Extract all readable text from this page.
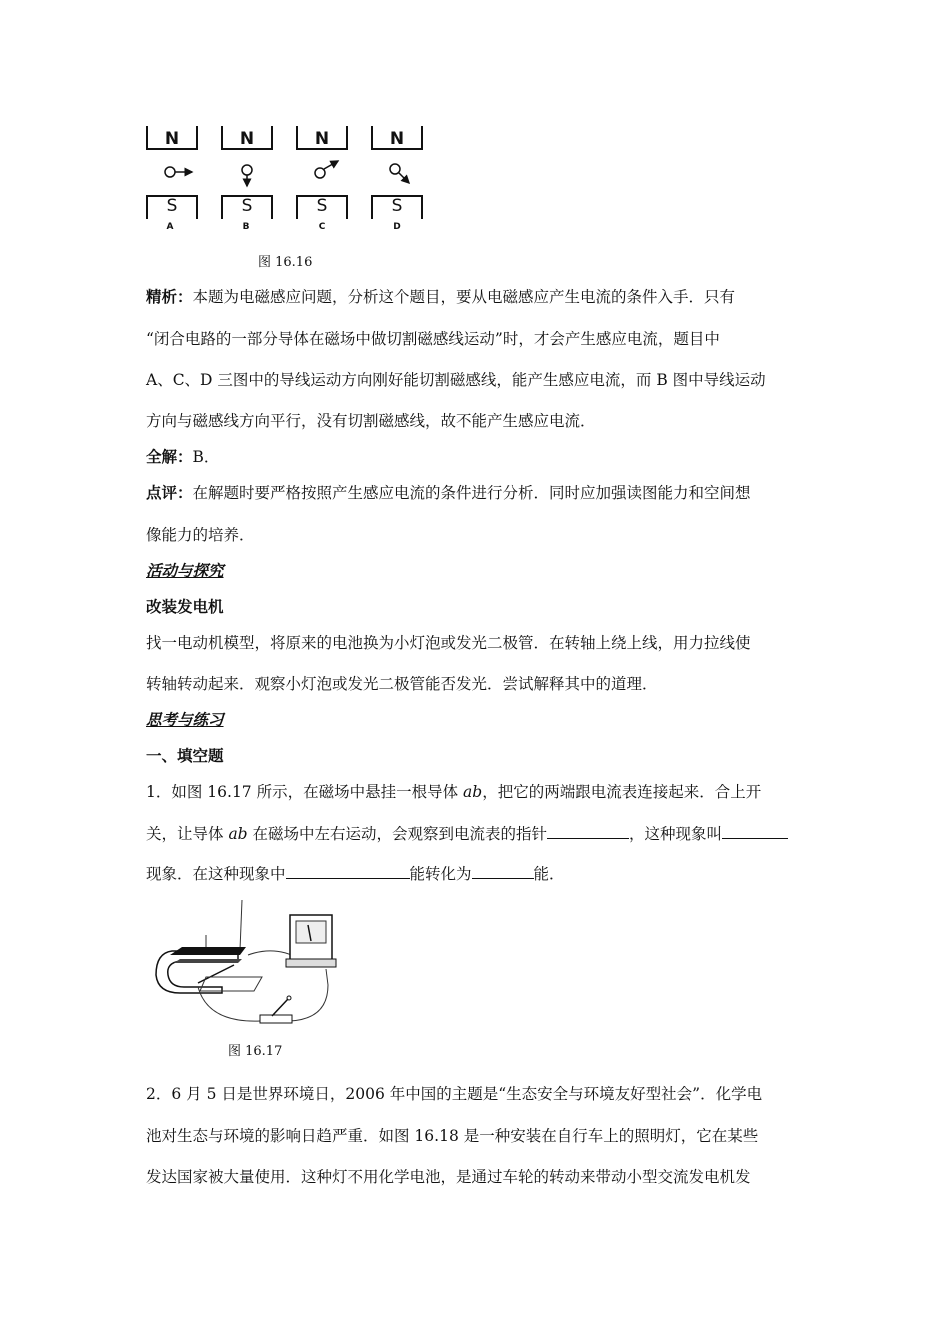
N
S
A
N
S
B
N
S
C
N
S
D
图 16.16
精析：本题为电磁感应问题，分析这个题目，要从电磁感应产生电流的条件入手．只有
“闭合电路的一部分导体在磁场中做切割磁感线运动”时，才会产生感应电流，题目中
A、C、D 三图中的导线运动方向刚好能切割磁感线，能产生感应电流，而 B 图中导线运动
方向与磁感线方向平行，没有切割磁感线，故不能产生感应电流．
全解：B．
点评：在解题时要严格按照产生感应电流的条件进行分析．同时应加强读图能力和空间想
像能力的培养．
活动与探究
改装发电机
找一电动机模型，将原来的电池换为小灯泡或发光二极管．在转轴上绕上线，用力拉线使
转轴转动起来．观察小灯泡或发光二极管能否发光．尝试解释其中的道理．
思考与练习
一、填空题
1．如图 16.17 所示，在磁场中悬挂一根导体 ab，把它的两端跟电流表连接起来．合上开
关，让导体 ab 在磁场中左右运动，会观察到电流表的指针	，这种现象叫
现象．在这种现象中	能转化为	能．
图 16.17
2．6 月 5 日是世界环境日，2006 年中国的主题是“生态安全与环境友好型社会”．化学电
池对生态与环境的影响日趋严重．如图 16.18 是一种安装在自行车上的照明灯，它在某些
发达国家被大量使用．这种灯不用化学电池，是通过车轮的转动来带动小型交流发电机发
